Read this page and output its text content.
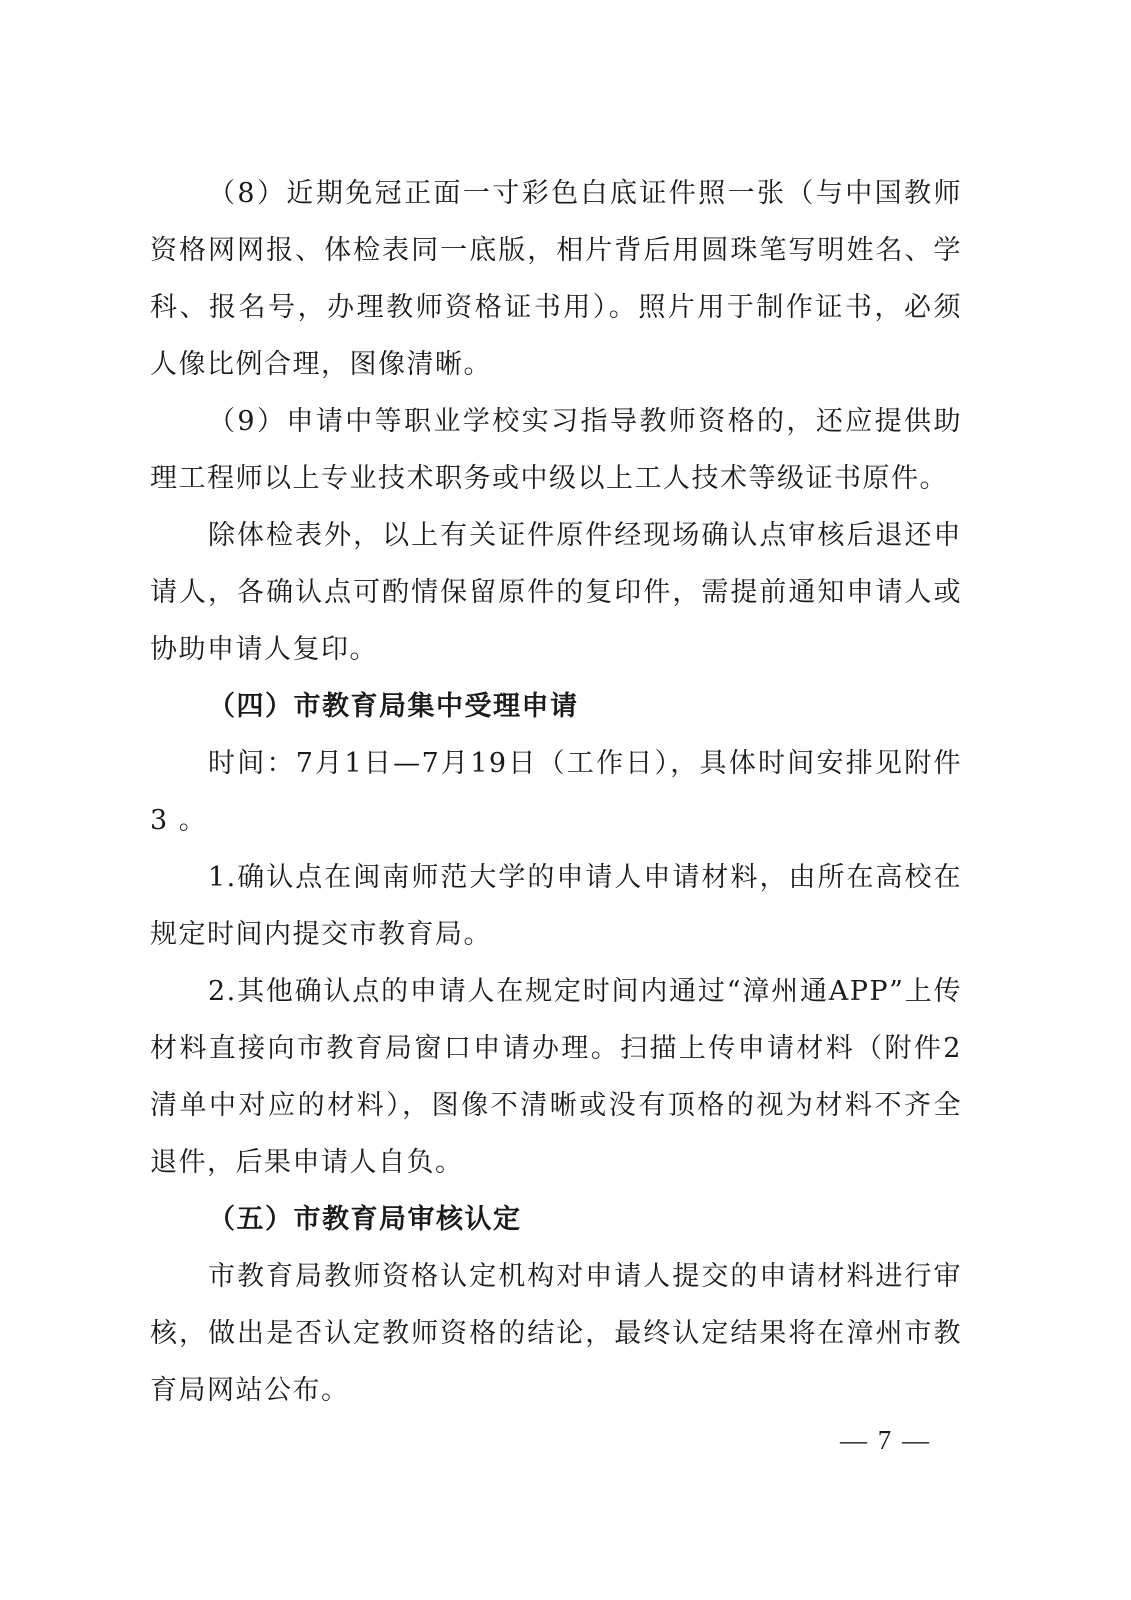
（8）近期免冠正面一寸彩色白底证件照一张（与中国教师资格网网报、体检表同一底版，相片背后用圆珠笔写明姓名、学科、报名号，办理教师资格证书用）。照片用于制作证书，必须人像比例合理，图像清晰。

（9）申请中等职业学校实习指导教师资格的，还应提供助理工程师以上专业技术职务或中级以上工人技术等级证书原件。

除体检表外，以上有关证件原件经现场确认点审核后退还申请人，各确认点可酌情保留原件的复印件，需提前通知申请人或协助申请人复印。

（四）市教育局集中受理申请

时间：7月1日—7月19日（工作日），具体时间安排见附件3 。

1.确认点在闽南师范大学的申请人申请材料，由所在高校在规定时间内提交市教育局。

2.其他确认点的申请人在规定时间内通过“漳州通APP”上传材料直接向市教育局窗口申请办理。扫描上传申请材料（附件2清单中对应的材料），图像不清晰或没有顶格的视为材料不齐全退件，后果申请人自负。

（五）市教育局审核认定

市教育局教师资格认定机构对申请人提交的申请材料进行审核，做出是否认定教师资格的结论，最终认定结果将在漳州市教育局网站公布。

— 7 —
